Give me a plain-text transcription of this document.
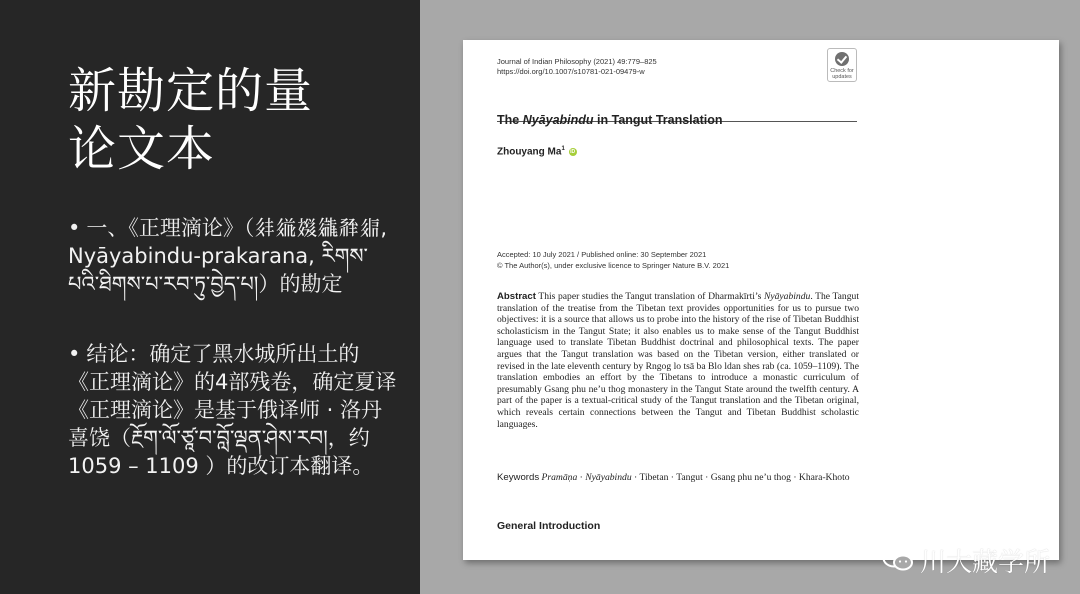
新勘定的量
论文本
• 一、《正理滴论》（𗢳𗥤𘀺𗪘𗴂𗤋, Nyāyabindu-prakarana, རིགས་པའི་ཐིགས་པ་རབ་ཏུ་བྱེད་པ།）的勘定
• 结论：确定了黑水城所出土的《正理滴论》的4部残卷，确定夏译《正理滴论》是基于俄译师 · 洛丹喜饶（རྔོག་ལོ་ཙཱ་བ་བློ་ལྡན་ཤེས་རབ།，约1059 – 1109 ）的改订本翻译。
Journal of Indian Philosophy (2021) 49:779–825
https://doi.org/10.1007/s10781-021-09479-w	Check for
updates
The Nyāyabindu in Tangut Translation
Zhouyang Ma$^1$ iD
Accepted: 10 July 2021 / Published online: 30 September 2021
© The Author(s), under exclusive licence to Springer Nature B.V. 2021
Abstract This paper studies the Tangut translation of Dharmakīrti’s Nyāyabindu. The Tangut translation of the treatise from the Tibetan text provides opportunities for us to pursue two objectives: it is a source that allows us to probe into the history of the rise of Tibetan Buddhist scholasticism in the Tangut State; it also enables us to make sense of the Tangut Buddhist language used to translate Tibetan Buddhist doctrinal and philosophical texts. The paper argues that the Tangut translation was based on the Tibetan version, either translated or revised in the late eleventh century by Rngog lo tsā ba Blo ldan shes rab (ca. 1059–1109). The translation embodies an effort by the Tibetans to introduce a monastic curriculum of presumably Gsang phu ne’u thog monastery in the Tangut State around the twelfth century. A part of the paper is a textual-critical study of the Tangut translation and the Tibetan original, which reveals certain connections between the Tangut and Tibetan Buddhist scholastic languages.
Keywords Pramāṇa · Nyāyabindu · Tibetan · Tangut · Gsang phu ne’u thog · Khara-Khoto
General Introduction
川大藏学所
